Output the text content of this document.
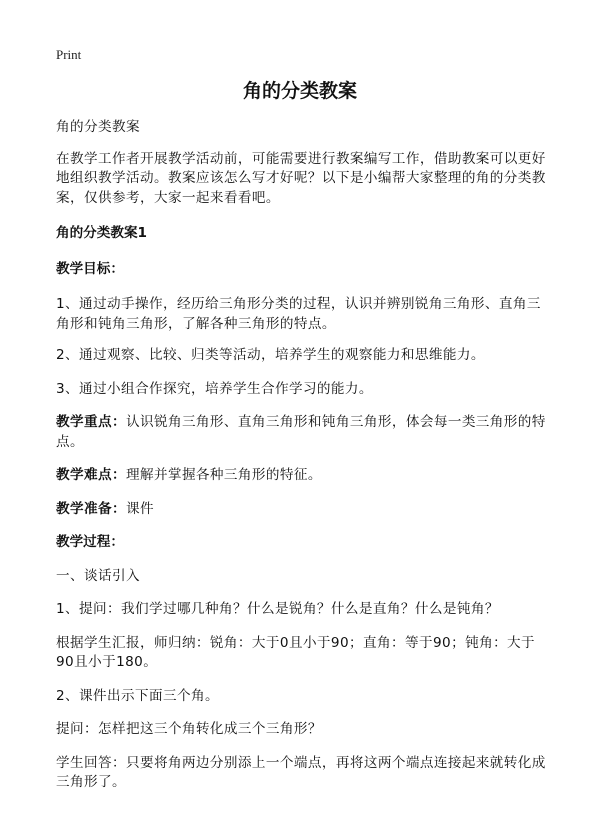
Print
角的分类教案

角的分类教案

在教学工作者开展教学活动前，可能需要进行教案编写工作，借助教案可以更好地组织教学活动。教案应该怎么写才好呢？以下是小编帮大家整理的角的分类教案，仅供参考，大家一起来看看吧。

角的分类教案1

教学目标：

1、通过动手操作，经历给三角形分类的过程，认识并辨别锐角三角形、直角三角形和钝角三角形，了解各种三角形的特点。

2、通过观察、比较、归类等活动，培养学生的观察能力和思维能力。

3、通过小组合作探究，培养学生合作学习的能力。

教学重点：认识锐角三角形、直角三角形和钝角三角形，体会每一类三角形的特点。

教学难点：理解并掌握各种三角形的特征。

教学准备：课件

教学过程：

一、谈话引入

1、提问：我们学过哪几种角？什么是锐角？什么是直角？什么是钝角？

根据学生汇报，师归纳：锐角：大于0且小于90；直角：等于90；钝角：大于90且小于180。

2、课件出示下面三个角。

提问：怎样把这三个角转化成三个三角形？

学生回答：只要将角两边分别添上一个端点，再将这两个端点连接起来就转化成三角形了。
